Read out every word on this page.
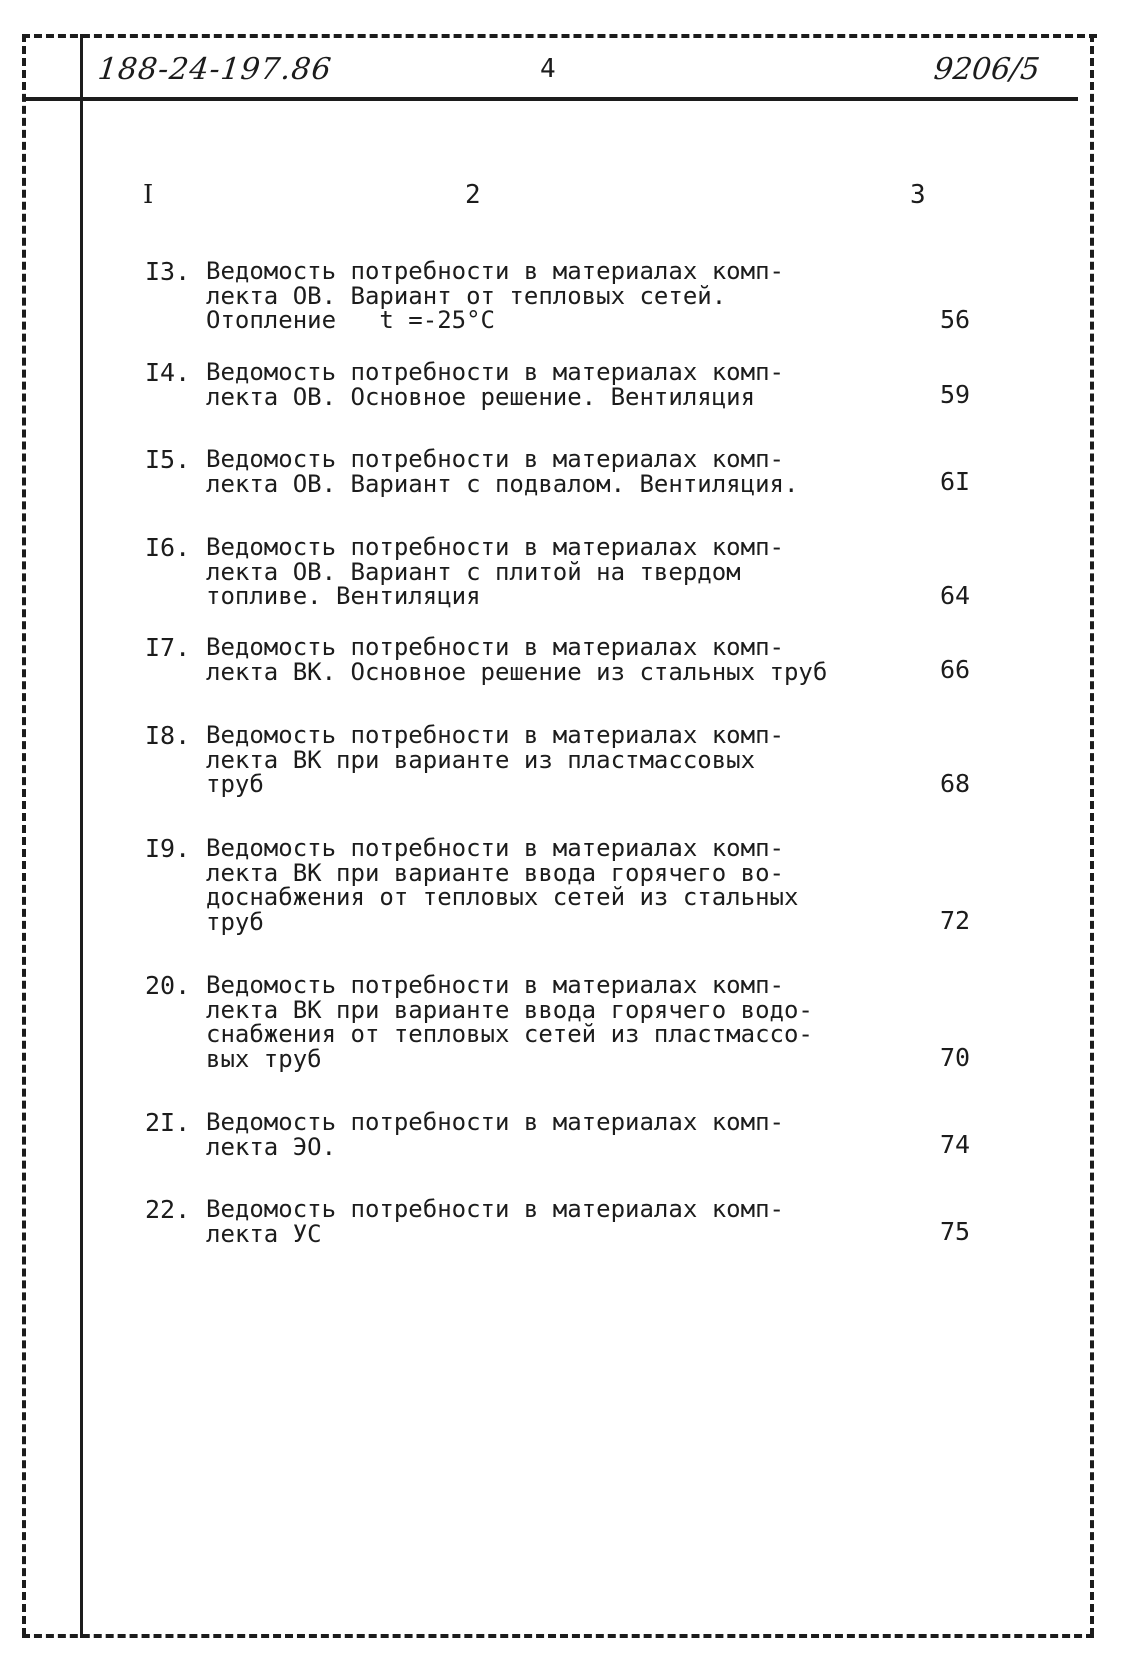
188-24-197.86	4	9206/5
I	2	3
I3. Ведомость потребности в материалах комп-
лекта ОВ. Вариант от тепловых сетей.
Отопление   t =-25°C	56
I4. Ведомость потребности в материалах комп-
лекта ОВ. Основное решение. Вентиляция	59
I5. Ведомость потребности в материалах комп-
лекта ОВ. Вариант с подвалом. Вентиляция.	6I
I6. Ведомость потребности в материалах комп-
лекта ОВ. Вариант с плитой на твердом
топливе. Вентиляция	64
I7. Ведомость потребности в материалах комп-
лекта ВК. Основное решение из стальных труб	66
I8. Ведомость потребности в материалах комп-
лекта ВК при варианте из пластмассовых
труб	68
I9. Ведомость потребности в материалах комп-
лекта ВК при варианте ввода горячего во-
доснабжения от тепловых сетей из стальных
труб	72
20. Ведомость потребности в материалах комп-
лекта ВК при варианте ввода горячего водо-
снабжения от тепловых сетей из пластмассо-
вых труб	70
2I. Ведомость потребности в материалах комп-
лекта ЭО.	74
22. Ведомость потребности в материалах комп-
лекта УС	75
